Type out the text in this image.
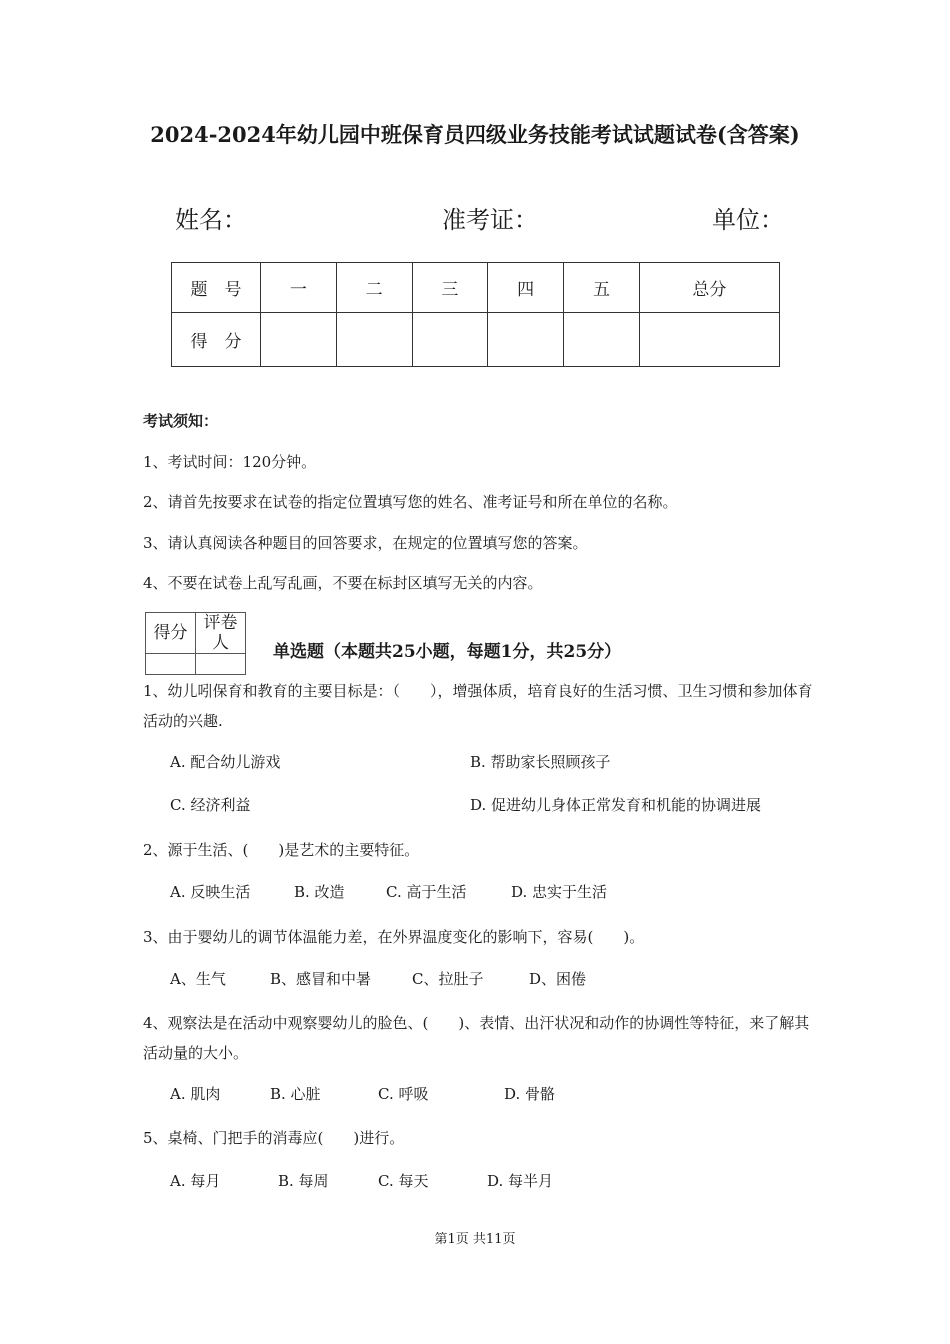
2024-2024年幼儿园中班保育员四级业务技能考试试题试卷(含答案)
姓名：	准考证：	单位：
题　号	一	二	三	四	五	总分
得　分						
考试须知：
1、考试时间：120分钟。
2、请首先按要求在试卷的指定位置填写您的姓名、准考证号和所在单位的名称。
3、请认真阅读各种题目的回答要求，在规定的位置填写您的答案。
4、不要在试卷上乱写乱画，不要在标封区填写无关的内容。
得分	评卷人
		单选题（本题共25小题，每题1分，共25分）
1、幼儿吲保育和教育的主要目标是：（　　），增强体质，培育良好的生活习惯、卫生习惯和参加体育活动的兴趣.
A. 配合幼儿游戏	B. 帮助家长照顾孩子
C. 经济利益	D. 促进幼儿身体正常发育和机能的协调进展
2、源于生活、(　　)是艺术的主要特征。
A. 反映生活	B. 改造	C. 高于生活	D. 忠实于生活
3、由于婴幼儿的调节体温能力差，在外界温度变化的影响下，容易(　　)。
A、生气	B、感冒和中暑	C、拉肚子	D、困倦
4、观察法是在活动中观察婴幼儿的脸色、(　　)、表情、出汗状况和动作的协调性等特征，来了解其活动量的大小。
A. 肌肉	B. 心脏	C. 呼吸	D. 骨骼
5、桌椅、门把手的消毒应(　　)进行。
A. 每月	B. 每周	C. 每天	D. 每半月
第1页 共11页
